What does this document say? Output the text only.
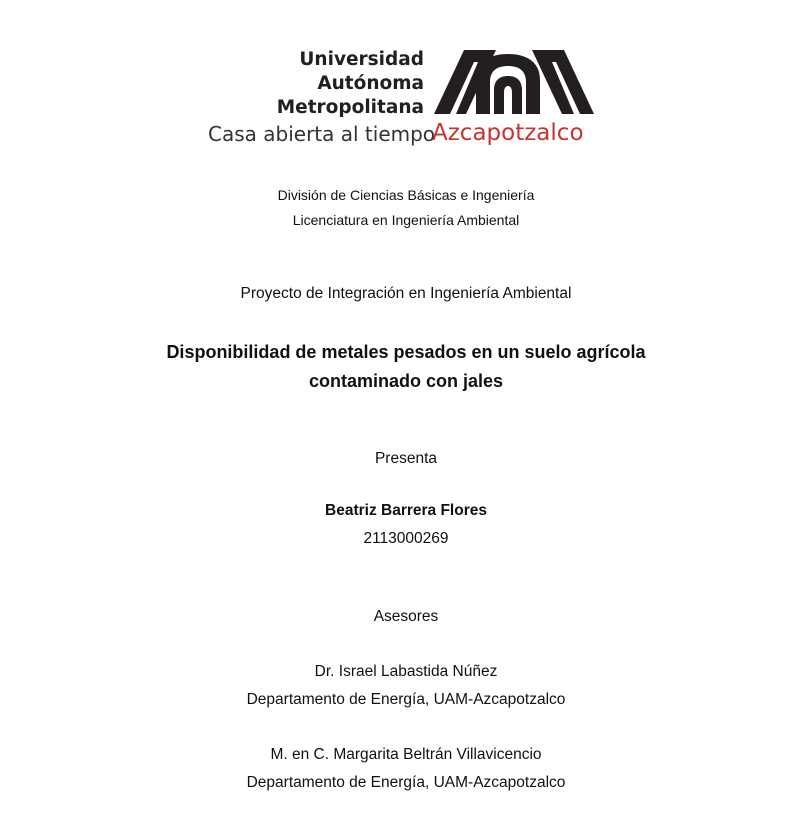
Universidad
Autónoma
Metropolitana
Casa abierta al tiempo
Azcapotzalco
División de Ciencias Básicas e Ingeniería
Licenciatura en Ingeniería Ambiental
Proyecto de Integración en Ingeniería Ambiental
Disponibilidad de metales pesados en un suelo agrícola
contaminado con jales
Presenta
Beatriz Barrera Flores
2113000269
Asesores
Dr. Israel Labastida Núñez
Departamento de Energía, UAM-Azcapotzalco
M. en C. Margarita Beltrán Villavicencio
Departamento de Energía, UAM-Azcapotzalco
